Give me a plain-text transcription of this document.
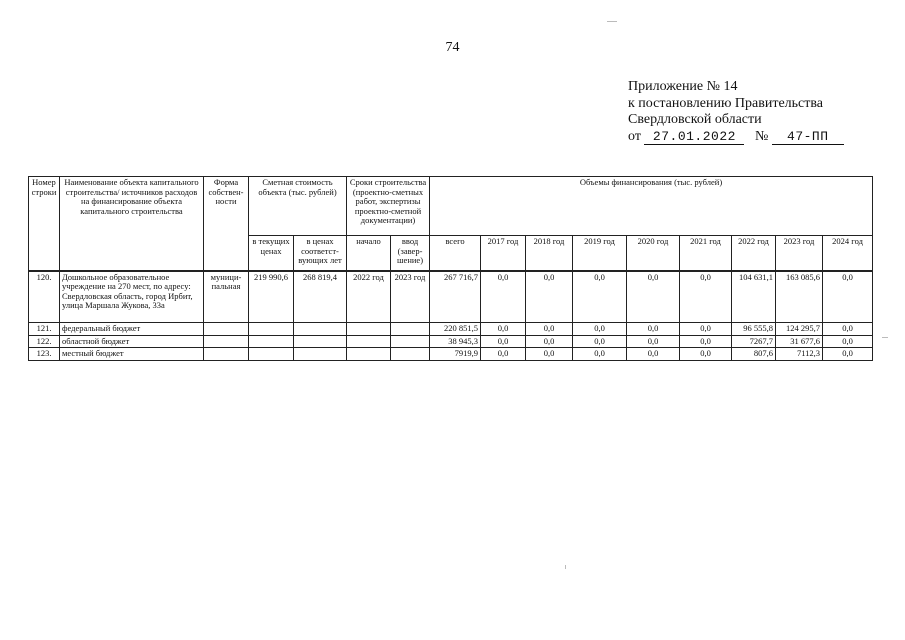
74
Приложение № 14
к постановлению Правительства
Свердловской области
от 27.01.2022 № 47-ПП
Номер строки	Наименование объекта капитального строительства/ источников расходов на финансирование объекта капитального строительства	Форма собствен- ности	Сметная стоимость объекта (тыс. рублей)		Сроки строительства (проектно-сметных работ, экспертизы проектно-сметной документации)		Объемы финансирования (тыс. рублей)								
			в текущих ценах	в ценах соответст- вующих лет	начало	ввод (завер- шение)	всего	2017 год	2018 год	2019 год	2020 год	2021 год	2022 год	2023 год	2024 год
120.	Дошкольное образовательное учреждение на 270 мест, по адресу: Свердловская область, город Ирбит, улица Маршала Жукова, 33а	муници- пальная	219 990,6	268 819,4	2022 год	2023 год	267 716,7	0,0	0,0	0,0	0,0	0,0	104 631,1	163 085,6	0,0
121.	федеральный бюджет						220 851,5	0,0	0,0	0,0	0,0	0,0	96 555,8	124 295,7	0,0
122.	областной бюджет						38 945,3	0,0	0,0	0,0	0,0	0,0	7267,7	31 677,6	0,0
123.	местный бюджет						7919,9	0,0	0,0	0,0	0,0	0,0	807,6	7112,3	0,0
